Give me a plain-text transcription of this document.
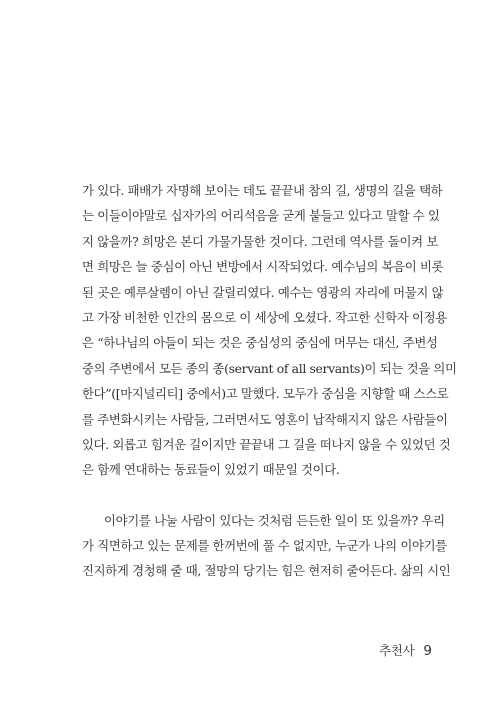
가 있다. 패배가 자명해 보이는 데도 끝끝내 참의 길, 생명의 길을 택하
는 이들이야말로 십자가의 어리석음을 굳게 붙들고 있다고 말할 수 있
지 않을까? 희망은 본디 가물가물한 것이다. 그런데 역사를 돌이켜 보
면 희망은 늘 중심이 아닌 변방에서 시작되었다. 예수님의 복음이 비롯
된 곳은 예루살렘이 아닌 갈릴리였다. 예수는 영광의 자리에 머물지 않
고 가장 비천한 인간의 몸으로 이 세상에 오셨다. 작고한 신학자 이정용
은 “하나님의 아들이 되는 것은 중심성의 중심에 머무는 대신, 주변성
중의 주변에서 모든 종의 종(servant of all servants)이 되는 것을 의미
한다”([마지널리티] 중에서)고 말했다. 모두가 중심을 지향할 때 스스로
를 주변화시키는 사람들, 그러면서도 영혼이 납작해지지 않은 사람들이
있다. 외롭고 힘겨운 길이지만 끝끝내 그 길을 떠나지 않을 수 있었던 것
은 함께 연대하는 동료들이 있었기 때문일 것이다.
이야기를 나눌 사람이 있다는 것처럼 든든한 일이 또 있을까? 우리
가 직면하고 있는 문제를 한꺼번에 풀 수 없지만, 누군가 나의 이야기를
진지하게 경청해 줄 때, 절망의 당기는 힘은 현저히 줄어든다. 삶의 시인
추천사 9
